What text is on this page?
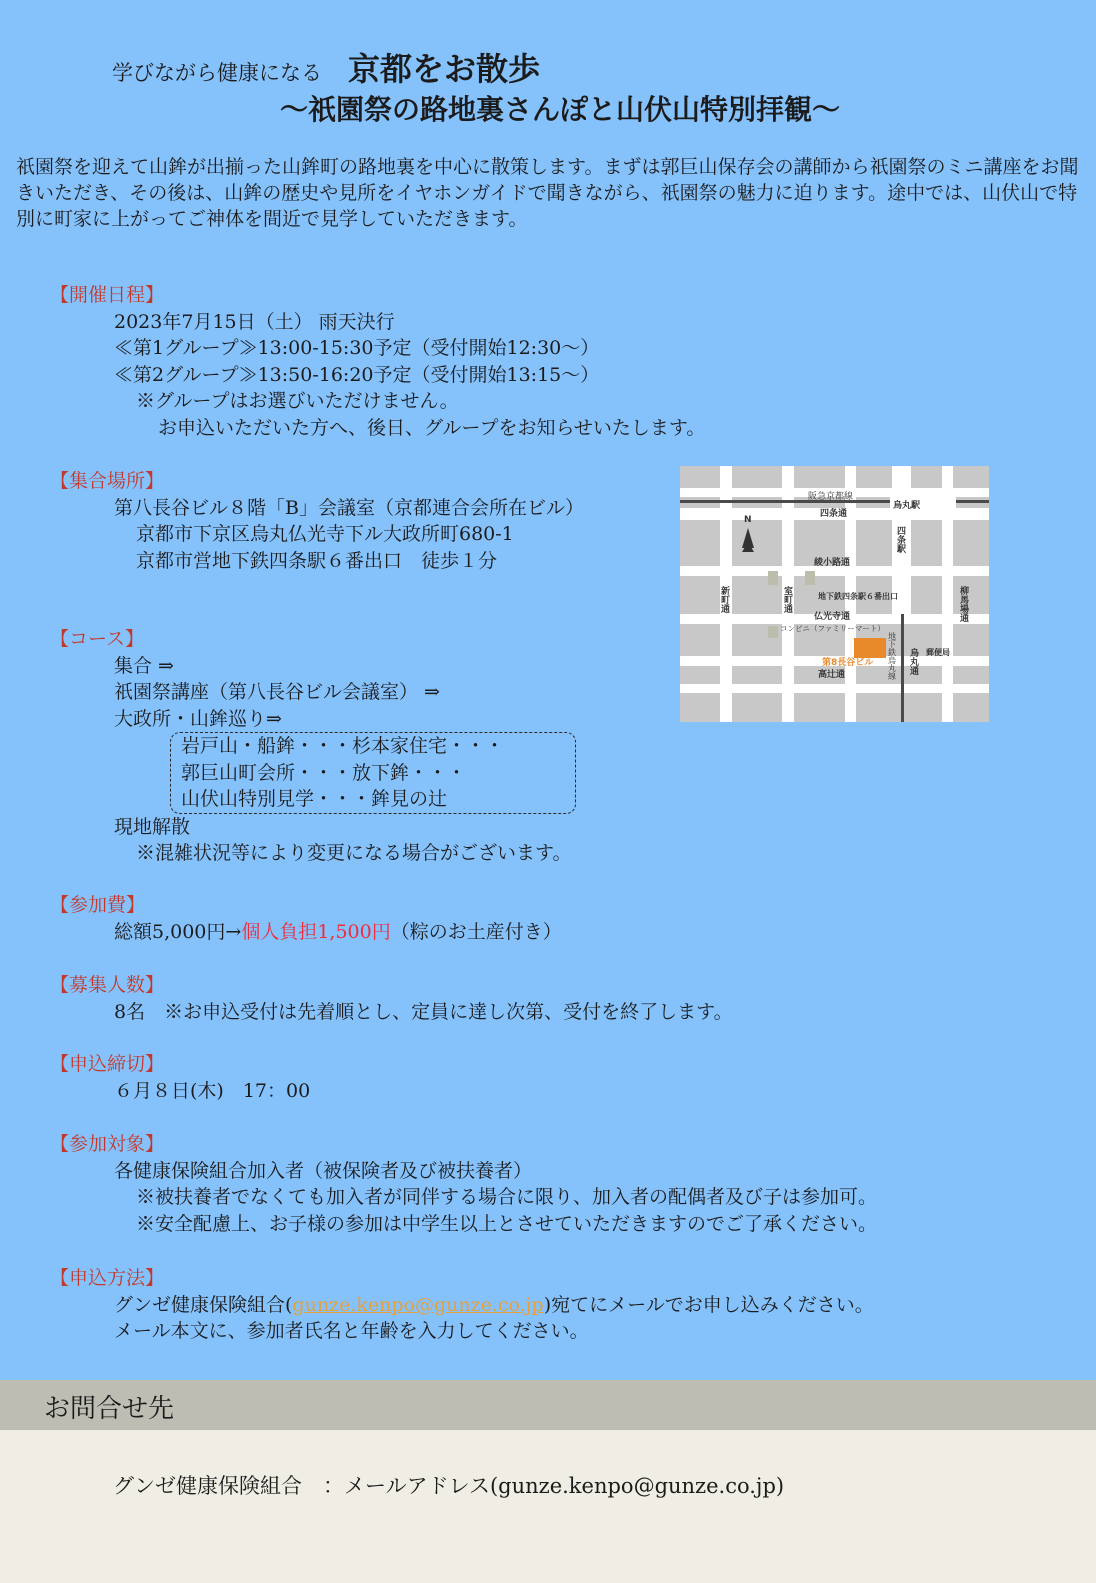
学びながら健康になる 京都をお散歩
〜祇園祭の路地裏さんぽと山伏山特別拝観〜
祇園祭を迎えて山鉾が出揃った山鉾町の路地裏を中心に散策します。まずは郭巨山保存会の講師から祇園祭のミニ講座をお聞きいただき、その後は、山鉾の歴史や見所をイヤホンガイドで聞きながら、祇園祭の魅力に迫ります。途中では、山伏山で特別に町家に上がってご神体を間近で見学していただきます。
【開催日程】
2023年7月15日（土） 雨天決行
≪第1グループ≫13:00-15:30予定（受付開始12:30〜）
≪第2グループ≫13:50-16:20予定（受付開始13:15〜）
※グループはお選びいただけません。
お申込いただいた方へ、後日、グループをお知らせいたします。
【集合場所】
第八長谷ビル８階「B」会議室（京都連合会所在ビル）
京都市下京区烏丸仏光寺下ル大政所町680-1
京都市営地下鉄四条駅６番出口　徒歩１分
阪急京都線
烏丸駅
四条通
N
綾小路通
地下鉄四条駅６番出口
仏光寺通
コンビニ（ファミリーマート）
第8長谷ビル
郵便局
高辻通
四条駅
新町通	室町通
地下鉄烏丸線 烏丸通
柳馬場通
【コース】
集合 ⇒
祇園祭講座（第八長谷ビル会議室） ⇒
大政所・山鉾巡り⇒
岩戸山・船鉾・・・杉本家住宅・・・
郭巨山町会所・・・放下鉾・・・
山伏山特別見学・・・鉾見の辻
現地解散
※混雑状況等により変更になる場合がございます。
【参加費】
総額5,000円→個人負担1,500円（粽のお土産付き）
【募集人数】
8名　※お申込受付は先着順とし、定員に達し次第、受付を終了します。
【申込締切】
６月８日(木)　17：00
【参加対象】
各健康保険組合加入者（被保険者及び被扶養者）
※被扶養者でなくても加入者が同伴する場合に限り、加入者の配偶者及び子は参加可。
※安全配慮上、お子様の参加は中学生以上とさせていただきますのでご了承ください。
【申込方法】
グンゼ健康保険組合(gunze.kenpo@gunze.co.jp)宛てにメールでお申し込みください。
メール本文に、参加者氏名と年齢を入力してください。
お問合せ先
グンゼ健康保険組合　：メールアドレス(gunze.kenpo@gunze.co.jp)
